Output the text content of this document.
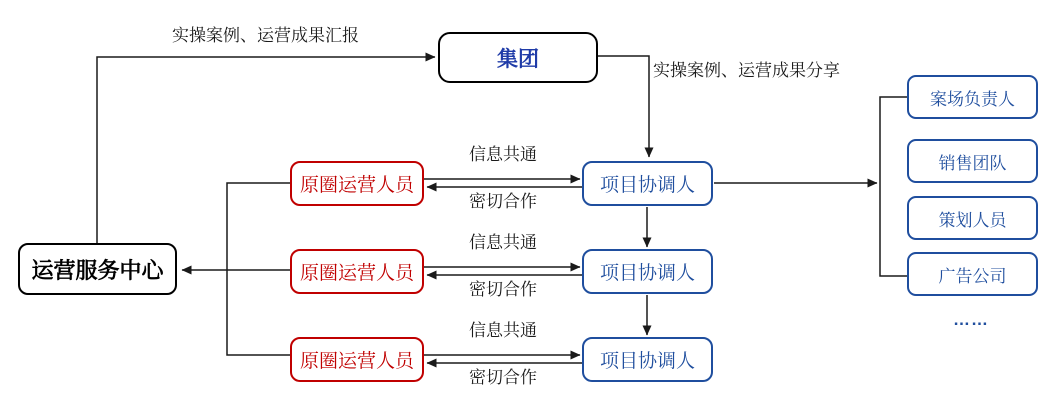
运营服务中心
集团
原圈运营人员
原圈运营人员
原圈运营人员
项目协调人
项目协调人
项目协调人
案场负责人
销售团队
策划人员
广告公司
……
实操案例、运营成果汇报
实操案例、运营成果分享
信息共通
密切合作
信息共通
密切合作
信息共通
密切合作
